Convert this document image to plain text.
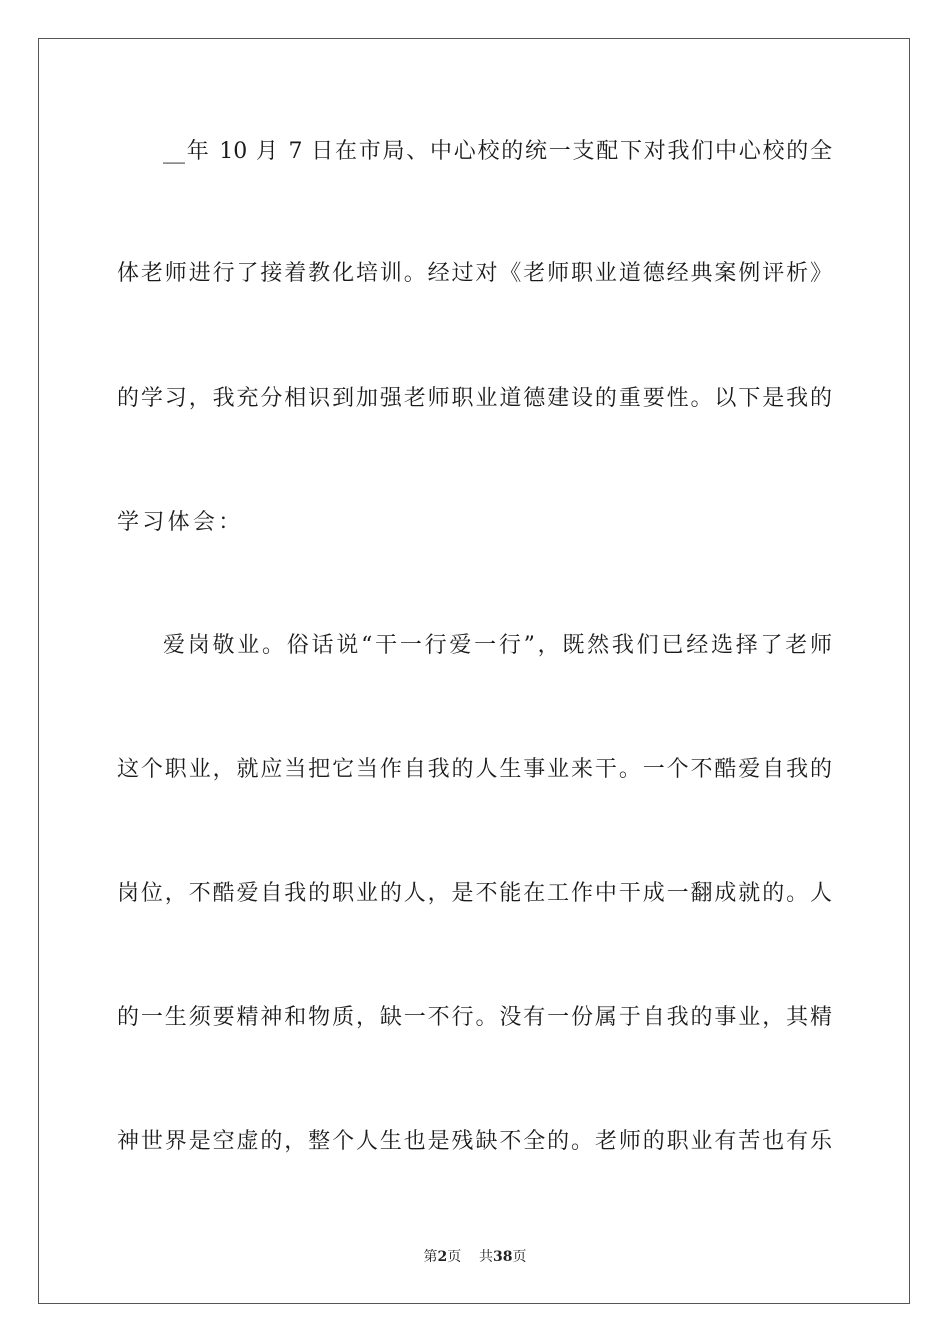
__年 10 月 7 日在市局、中心校的统一支配下对我们中心校的全
体老师进行了接着教化培训。经过对《老师职业道德经典案例评析》
的学习，我充分相识到加强老师职业道德建设的重要性。以下是我的
学习体会：
爱岗敬业。俗话说“干一行爱一行”，既然我们已经选择了老师
这个职业，就应当把它当作自我的人生事业来干。一个不酷爱自我的
岗位，不酷爱自我的职业的人，是不能在工作中干成一翻成就的。人
的一生须要精神和物质，缺一不行。没有一份属于自我的事业，其精
神世界是空虚的，整个人生也是残缺不全的。老师的职业有苦也有乐
第2页 共38页
